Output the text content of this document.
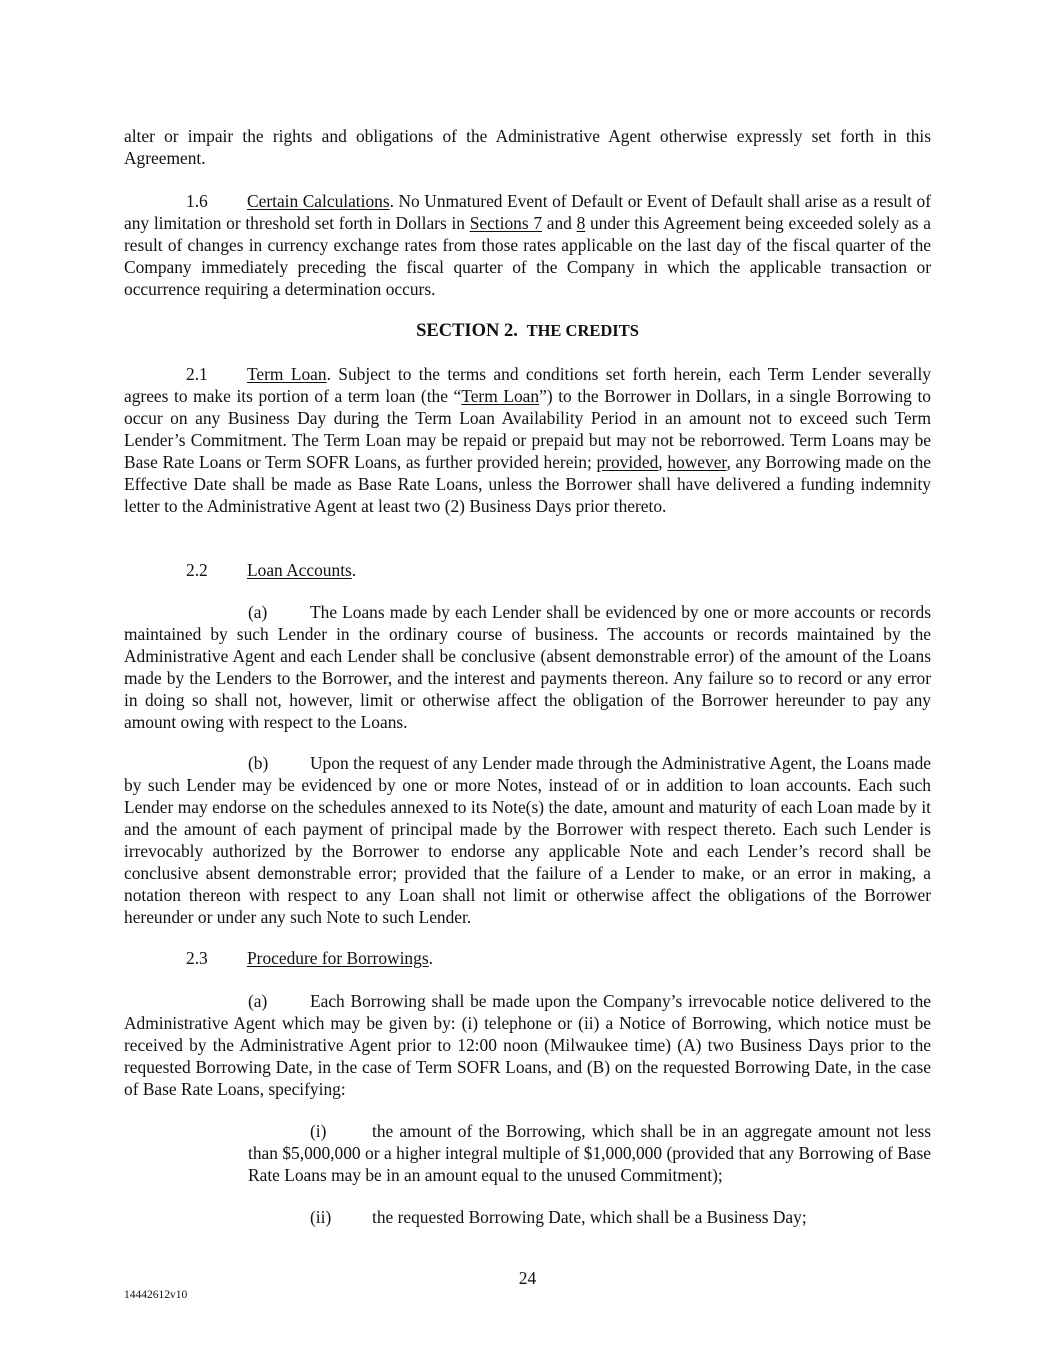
alter or impair the rights and obligations of the Administrative Agent otherwise expressly set forth in this Agreement.

1.6 Certain Calculations. No Unmatured Event of Default or Event of Default shall arise as a result of any limitation or threshold set forth in Dollars in Sections 7 and 8 under this Agreement being exceeded solely as a result of changes in currency exchange rates from those rates applicable on the last day of the fiscal quarter of the Company immediately preceding the fiscal quarter of the Company in which the applicable transaction or occurrence requiring a determination occurs.

SECTION 2. THE CREDITS

2.1 Term Loan. Subject to the terms and conditions set forth herein, each Term Lender severally agrees to make its portion of a term loan (the “Term Loan”) to the Borrower in Dollars, in a single Borrowing to occur on any Business Day during the Term Loan Availability Period in an amount not to exceed such Term Lender’s Commitment. The Term Loan may be repaid or prepaid but may not be reborrowed. Term Loans may be Base Rate Loans or Term SOFR Loans, as further provided herein; provided, however, any Borrowing made on the Effective Date shall be made as Base Rate Loans, unless the Borrower shall have delivered a funding indemnity letter to the Administrative Agent at least two (2) Business Days prior thereto.

2.2 Loan Accounts.

(a) The Loans made by each Lender shall be evidenced by one or more accounts or records maintained by such Lender in the ordinary course of business. The accounts or records maintained by the Administrative Agent and each Lender shall be conclusive (absent demonstrable error) of the amount of the Loans made by the Lenders to the Borrower, and the interest and payments thereon. Any failure so to record or any error in doing so shall not, however, limit or otherwise affect the obligation of the Borrower hereunder to pay any amount owing with respect to the Loans.

(b) Upon the request of any Lender made through the Administrative Agent, the Loans made by such Lender may be evidenced by one or more Notes, instead of or in addition to loan accounts. Each such Lender may endorse on the schedules annexed to its Note(s) the date, amount and maturity of each Loan made by it and the amount of each payment of principal made by the Borrower with respect thereto. Each such Lender is irrevocably authorized by the Borrower to endorse any applicable Note and each Lender’s record shall be conclusive absent demonstrable error; provided that the failure of a Lender to make, or an error in making, a notation thereon with respect to any Loan shall not limit or otherwise affect the obligations of the Borrower hereunder or under any such Note to such Lender.

2.3 Procedure for Borrowings.

(a) Each Borrowing shall be made upon the Company’s irrevocable notice delivered to the Administrative Agent which may be given by: (i) telephone or (ii) a Notice of Borrowing, which notice must be received by the Administrative Agent prior to 12:00 noon (Milwaukee time) (A) two Business Days prior to the requested Borrowing Date, in the case of Term SOFR Loans, and (B) on the requested Borrowing Date, in the case of Base Rate Loans, specifying:

(i)	the amount of the Borrowing, which shall be in an aggregate amount not less than $5,000,000 or a higher integral multiple of $1,000,000 (provided that any Borrowing of Base Rate Loans may be in an amount equal to the unused Commitment);

(ii) the requested Borrowing Date, which shall be a Business Day;

24

14442612v10
